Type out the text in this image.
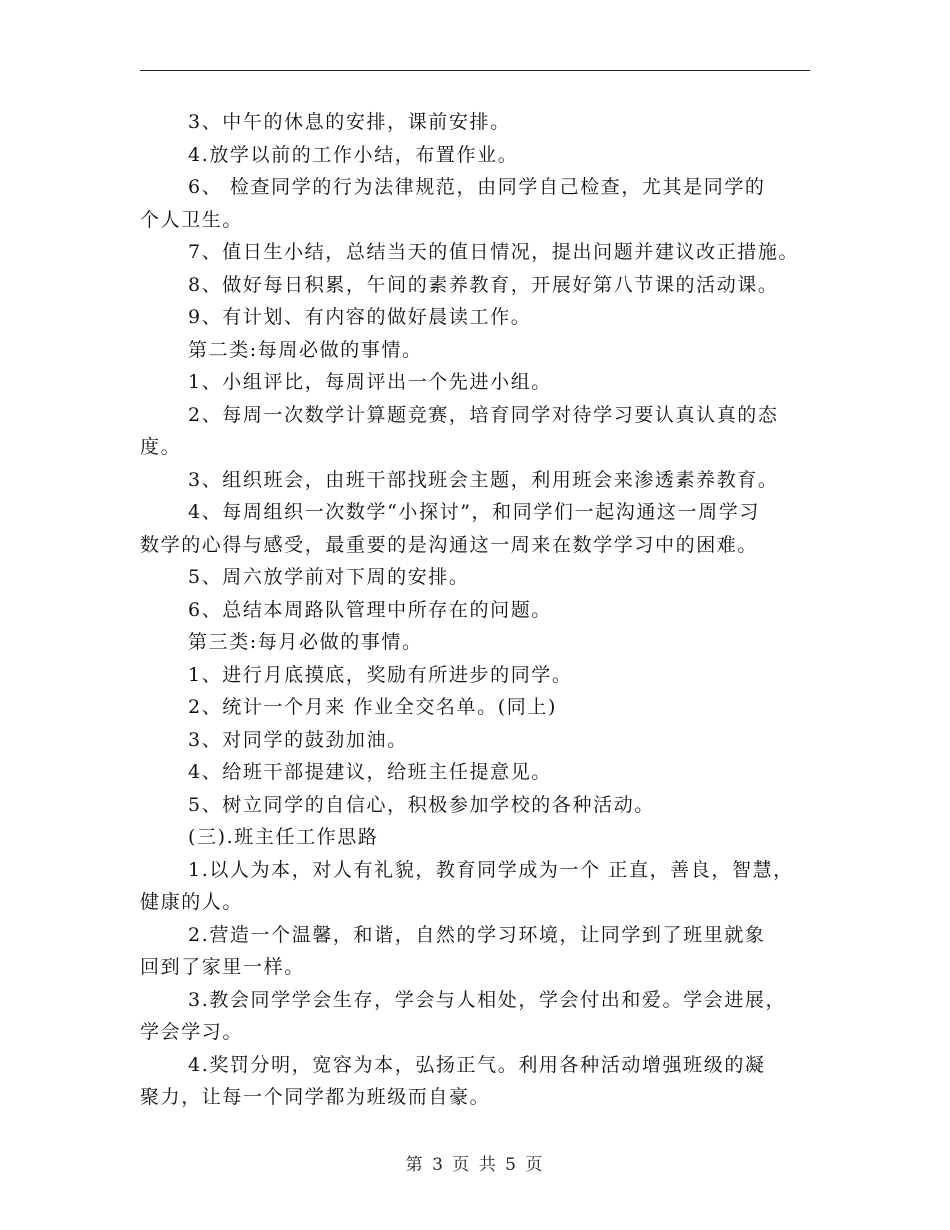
3、中午的休息的安排，课前安排。

4.放学以前的工作小结，布置作业。

6、 检查同学的行为法律规范，由同学自己检查，尤其是同学的

个人卫生。

7、值日生小结，总结当天的值日情况，提出问题并建议改正措施。

8、做好每日积累，午间的素养教育，开展好第八节课的活动课。

9、有计划、有内容的做好晨读工作。

第二类:每周必做的事情。

1、小组评比，每周评出一个先进小组。

2、每周一次数学计算题竞赛，培育同学对待学习要认真认真的态

度。

3、组织班会，由班干部找班会主题，利用班会来渗透素养教育。

4、每周组织一次数学“小探讨”，和同学们一起沟通这一周学习

数学的心得与感受，最重要的是沟通这一周来在数学学习中的困难。

5、周六放学前对下周的安排。

6、总结本周路队管理中所存在的问题。

第三类:每月必做的事情。

1、进行月底摸底，奖励有所进步的同学。

2、统计一个月来 作业全交名单。(同上)

3、对同学的鼓劲加油。

4、给班干部提建议，给班主任提意见。

5、树立同学的自信心，积极参加学校的各种活动。

(三).班主任工作思路

1.以人为本，对人有礼貌，教育同学成为一个 正直，善良，智慧，

健康的人。

2.营造一个温馨，和谐，自然的学习环境，让同学到了班里就象

回到了家里一样。

3.教会同学学会生存，学会与人相处，学会付出和爱。学会进展，

学会学习。

4.奖罚分明，宽容为本，弘扬正气。利用各种活动增强班级的凝

聚力，让每一个同学都为班级而自豪。

第 3 页 共 5 页
